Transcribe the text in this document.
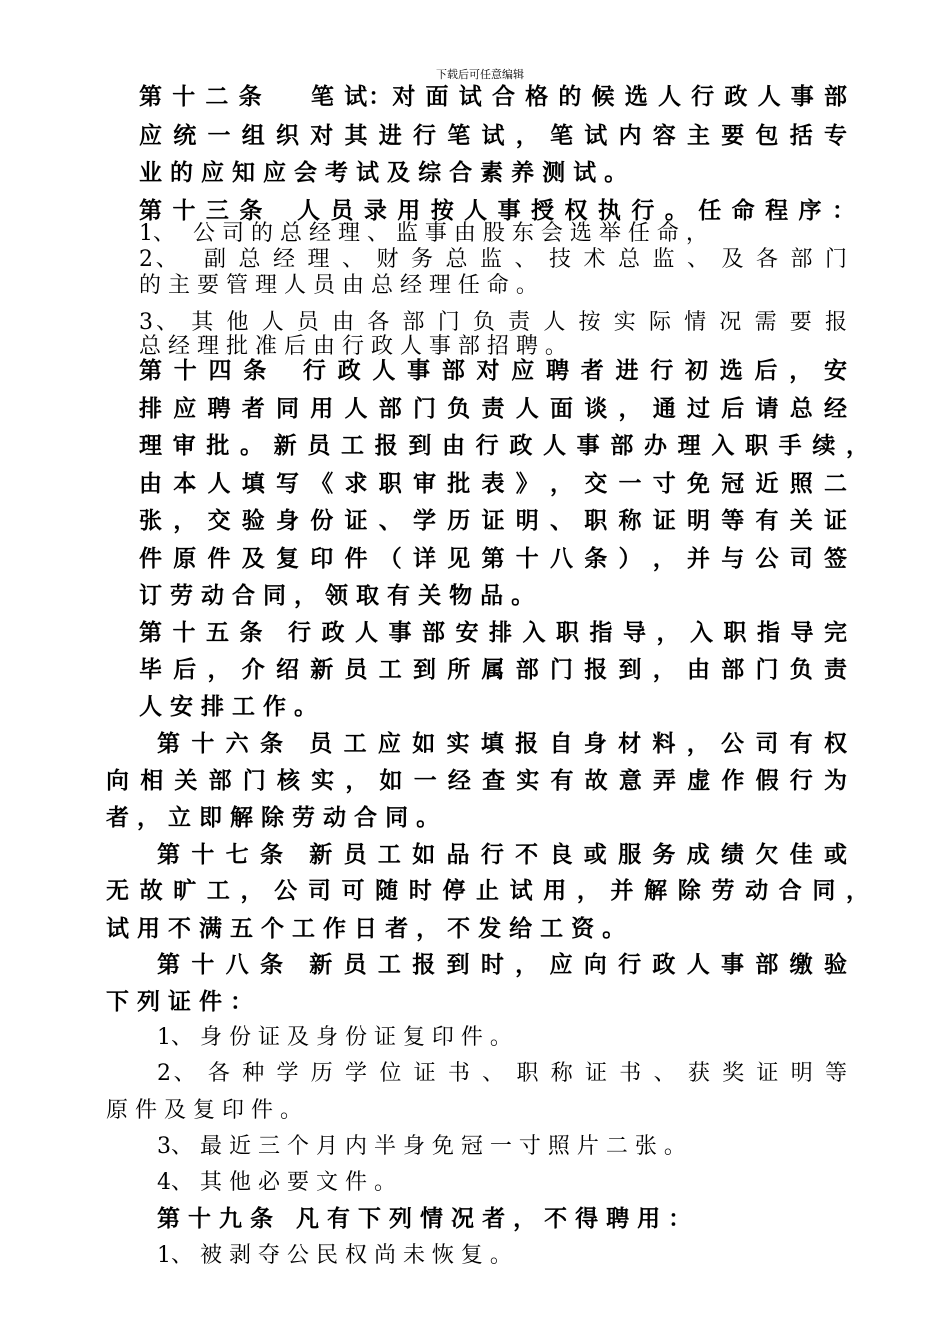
下载后可任意编辑
第 十 二 条　　笔 试：对 面 试 合 格 的 候 选 人 行 政 人 事 部
应 统 一 组 织 对 其 进 行 笔 试 ， 笔 试 内 容 主 要 包 括 专
业 的 应 知 应 会 考 试 及 综 合 素 养 测 试 。
第 十 三 条　 人 员 录 用 按 人 事 授 权 执 行 。 任 命 程 序 ：
1、　 公 司 的 总 经 理 、 监 事 由 股 东 会 选 举 任 命 ，
2、　 副 总 经 理 、 财 务 总 监 、 技 术 总 监 、 及 各 部 门
的 主 要 管 理 人 员 由 总 经 理 任 命 。
3、 其 他 人 员 由 各 部 门 负 责 人 按 实 际 情 况 需 要 报
总 经 理 批 准 后 由 行 政 人 事 部 招 聘 。
第 十 四 条　 行 政 人 事 部 对 应 聘 者 进 行 初 选 后 ， 安
排 应 聘 者 同 用 人 部 门 负 责 人 面 谈 ， 通 过 后 请 总 经
理 审 批 。 新 员 工 报 到 由 行 政 人 事 部 办 理 入 职 手 续 ，
由 本 人 填 写 《 求 职 审 批 表 》 ， 交 一 寸 免 冠 近 照 二
张 ， 交 验 身 份 证 、 学 历 证 明 、 职 称 证 明 等 有 关 证
件 原 件 及 复 印 件 （ 详 见 第 十 八 条 ） ， 并 与 公 司 签
订 劳 动 合 同 ， 领 取 有 关 物 品 。
第 十 五 条　行 政 人 事 部 安 排 入 职 指 导 ， 入 职 指 导 完
毕 后 ， 介 绍 新 员 工 到 所 属 部 门 报 到 ， 由 部 门 负 责
人 安 排 工 作 。
第 十 六 条　员 工 应 如 实 填 报 自 身 材 料 ， 公 司 有 权
向 相 关 部 门 核 实 ， 如 一 经 查 实 有 故 意 弄 虚 作 假 行 为
者 ， 立 即 解 除 劳 动 合 同 。
第 十 七 条　新 员 工 如 品 行 不 良 或 服 务 成 绩 欠 佳 或
无 故 旷 工 ， 公 司 可 随 时 停 止 试 用 ， 并 解 除 劳 动 合 同 ，
试 用 不 满 五 个 工 作 日 者 ， 不 发 给 工 资 。
第 十 八 条　新 员 工 报 到 时 ， 应 向 行 政 人 事 部 缴 验
下 列 证 件 ：
1、 身 份 证 及 身 份 证 复 印 件 。
2、 各 种 学 历 学 位 证 书 、 职 称 证 书 、 获 奖 证 明 等
原 件 及 复 印 件 。
3、 最 近 三 个 月 内 半 身 免 冠 一 寸 照 片 二 张 。
4、 其 他 必 要 文 件 。
第 十 九 条　凡 有 下 列 情 况 者 ， 不 得 聘 用 ：
1、 被 剥 夺 公 民 权 尚 未 恢 复 。
